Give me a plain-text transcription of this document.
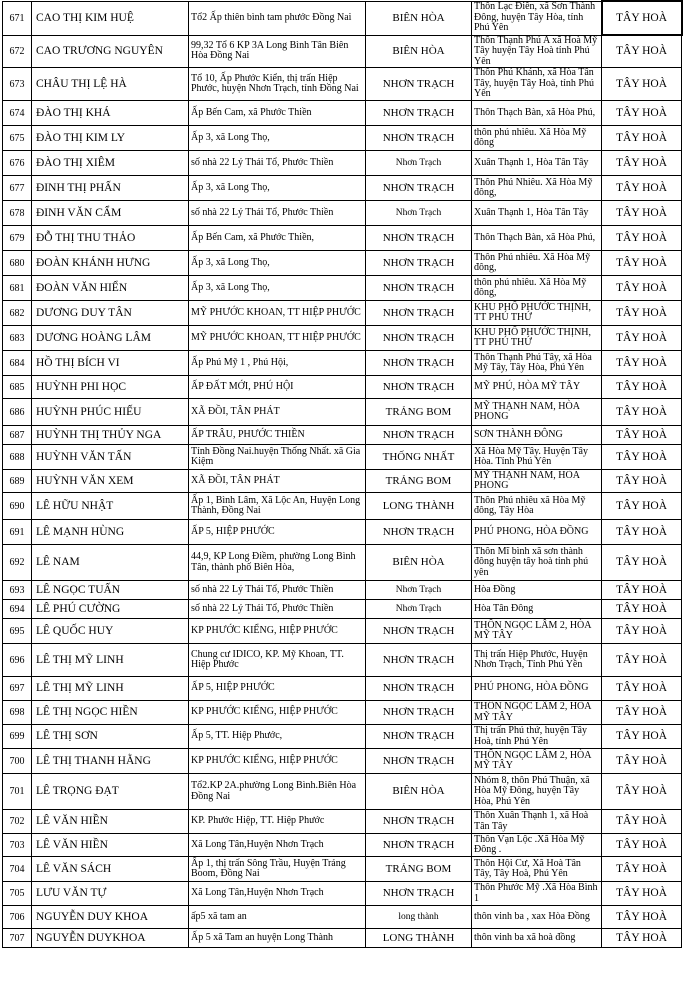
671	CAO THỊ KIM HUỆ	Tổ2 Ấp thiên bình tam phước Đồng Nai	BIÊN HÒA	Thôn Lạc Điền, xã Sơn Thành Đông, huyện Tây Hòa, tỉnh Phú Yên	TÂY HOÀ
672	CAO TRƯƠNG NGUYÊN	99,32 Tổ 6 KP 3A Long Bình Tân Biên Hòa Đồng Nai	BIÊN HÒA	Thôn Thạnh Phú A xã Hoà Mỹ Tây huyện Tây Hoà tỉnh Phú Yên	TÂY HOÀ
673	CHÂU THỊ LỆ HÀ	Tổ 10, Ấp Phước Kiển, thị trấn Hiệp Phước, huyện Nhơn Trạch, tỉnh Đồng Nai	NHƠN TRẠCH	Thôn Phú Khánh, xã Hòa Tân Tây, huyện Tây Hoà, tỉnh Phú Yên	TÂY HOÀ
674	ĐÀO THỊ KHÁ	Ấp Bến Cam, xã Phước Thiền	NHƠN TRẠCH	Thôn Thạch Bàn, xã Hòa Phú,	TÂY HOÀ
675	ĐÀO THỊ KIM LY	Ấp 3, xã Long Thọ,	NHƠN TRẠCH	thôn phú nhiêu. Xã Hòa Mỹ đông	TÂY HOÀ
676	ĐÀO THỊ XIÊM	số nhà 22 Lý Thái Tổ, Phước Thiền	Nhơn Trạch	Xuân Thạnh 1, Hòa Tân Tây	TÂY HOÀ
677	ĐINH THỊ PHẤN	Ấp 3, xã Long Thọ,	NHƠN TRẠCH	Thôn Phú Nhiêu. Xã Hòa Mỹ đông,	TÂY HOÀ
678	ĐINH VĂN CẨM	số nhà 22 Lý Thái Tổ, Phước Thiền	Nhơn Trạch	Xuân Thạnh 1, Hòa Tân Tây	TÂY HOÀ
679	ĐỖ THỊ THU THẢO	Ấp Bến Cam, xã Phước Thiền,	NHƠN TRẠCH	Thôn Thạch Bàn, xã Hòa Phú,	TÂY HOÀ
680	ĐOÀN KHÁNH HƯNG	Ấp 3, xã Long Thọ,	NHƠN TRẠCH	Thôn Phú nhiêu. Xã Hòa Mỹ đông,	TÂY HOÀ
681	ĐOÀN VĂN HIỂN	Ấp 3, xã Long Thọ,	NHƠN TRẠCH	thôn phú nhiêu. Xã Hòa Mỹ đông,	TÂY HOÀ
682	DƯƠNG DUY TÂN	MỸ PHƯỚC KHOAN, TT HIỆP PHƯỚC	NHƠN TRẠCH	KHU PHỐ PHƯỚC THỊNH, TT PHÚ THỨ	TÂY HOÀ
683	DƯƠNG HOÀNG LÂM	MỸ PHƯỚC KHOAN, TT HIỆP PHƯỚC	NHƠN TRẠCH	KHU PHỐ PHƯỚC THỊNH, TT PHÚ THỨ	TÂY HOÀ
684	HỒ THỊ BÍCH VI	Ấp Phú Mỹ 1 , Phú Hội,	NHƠN TRẠCH	Thôn Thạnh Phú Tây, xã Hòa Mỹ Tây, Tây Hòa, Phú Yên	TÂY HOÀ
685	HUỲNH PHI HỌC	ẤP ĐẤT MỚI, PHÚ HỘI	NHƠN TRẠCH	MỸ PHÚ, HÒA MỸ TÂY	TÂY HOÀ
686	HUỲNH PHÚC HIẾU	XÃ ĐỒI, TÂN PHÁT	TRẢNG BOM	MỸ THẠNH NAM, HÒA PHONG	TÂY HOÀ
687	HUỲNH THỊ THỦY NGA	ẤP TRÂU, PHƯỚC THIỀN	NHƠN TRẠCH	SƠN THÀNH ĐÔNG	TÂY HOÀ
688	HUỲNH VĂN TẤN	Tỉnh Đồng Nai.huyện Thống Nhất. xã Gia Kiệm	THỐNG NHẤT	Xã Hòa Mỹ Tây. Huyện Tây Hòa. Tỉnh Phú Yên	TÂY HOÀ
689	HUỲNH VĂN XEM	XÃ ĐỒI, TÂN PHÁT	TRẢNG BOM	MỸ THẠNH NAM, HÒA PHONG	TÂY HOÀ
690	LÊ HỮU NHẬT	Ấp 1, Bình Lâm, Xã Lộc An, Huyện Long Thành, Đồng Nai	LONG THÀNH	Thôn Phú nhiêu xã Hòa Mỹ đông, Tây Hòa	TÂY HOÀ
691	LÊ MẠNH HÙNG	ẤP 5, HIỆP PHƯỚC	NHƠN TRẠCH	PHÚ PHONG, HÒA ĐỒNG	TÂY HOÀ
692	LÊ NAM	44,9, KP Long Điềm, phường Long Bình Tân, thành phố Biên Hòa,	BIÊN HÒA	Thôn Mĩ bình xã sơn thành đông huyện tây hoà tỉnh phú yên	TÂY HOÀ
693	LÊ NGỌC TUẤN	số nhà 22 Lý Thái Tổ, Phước Thiền	Nhơn Trạch	Hòa Đồng	TÂY HOÀ
694	LÊ PHÚ CƯỜNG	số nhà 22 Lý Thái Tổ, Phước Thiền	Nhơn Trạch	Hòa Tân Đông	TÂY HOÀ
695	LÊ QUỐC HUY	KP PHƯỚC KIỂNG, HIỆP PHƯỚC	NHƠN TRẠCH	THÔN NGỌC LÂM 2, HÒA MỸ TÂY	TÂY HOÀ
696	LÊ THỊ MỸ LINH	Chung cư IDICO, KP. Mỹ Khoan, TT. Hiệp Phước	NHƠN TRẠCH	Thị trấn Hiệp Phước, Huyện Nhơn Trạch, Tỉnh Phú Yên	TÂY HOÀ
697	LÊ THỊ MỸ LINH	ẤP 5, HIỆP PHƯỚC	NHƠN TRẠCH	PHÚ PHONG, HÒA ĐỒNG	TÂY HOÀ
698	LÊ THỊ NGỌC HIỀN	KP PHƯỚC KIỂNG, HIỆP PHƯỚC	NHƠN TRẠCH	THÔN NGỌC LÂM 2, HÒA MỸ TÂY	TÂY HOÀ
699	LÊ THỊ SƠN	Ấp 5, TT. Hiệp Phước,	NHƠN TRẠCH	Thị trấn Phú thứ, huyện Tây Hoà, tỉnh Phú Yên	TÂY HOÀ
700	LÊ THỊ THANH HẰNG	KP PHƯỚC KIỂNG, HIỆP PHƯỚC	NHƠN TRẠCH	THÔN NGỌC LÂM 2, HÒA MỸ TÂY	TÂY HOÀ
701	LÊ TRỌNG ĐẠT	Tổ2.KP 2A.phường Long Bình.Biên Hòa Đồng Nai	BIÊN HÒA	Nhóm 8, thôn Phú Thuận, xã Hòa Mỹ Đông, huyện Tây Hòa, Phú Yên	TÂY HOÀ
702	LÊ VĂN HIỀN	KP. Phước Hiệp, TT. Hiệp Phước	NHƠN TRẠCH	Thôn Xuân Thạnh 1, xã Hoà Tân Tây	TÂY HOÀ
703	LÊ VĂN HIỀN	Xã Long Tân,Huyện Nhơn Trạch	NHƠN TRẠCH	Thôn Vạn Lộc .Xã Hòa Mỹ Đông .	TÂY HOÀ
704	LÊ VĂN SÁCH	Ấp 1, thị trấn Sông Trầu, Huyện Trảng Boom, Đồng Nai	TRẢNG BOM	Thôn Hội Cư, Xã Hoà Tân Tây, Tây Hoà, Phú Yên	TÂY HOÀ
705	LƯU VĂN TỰ	Xã Long Tân,Huyện Nhơn Trạch	NHƠN TRẠCH	Thôn Phước Mỹ .Xã Hòa Bình 1	TÂY HOÀ
706	NGUYỄN DUY KHOA	ấp5 xã tam an	long thành	thôn vinh ba , xax Hòa Đồng	TÂY HOÀ
707	NGUYỄN DUYKHOA	Ấp 5 xã Tam an huyện Long Thành	LONG THÀNH	thôn vinh ba xã hoà đồng	TÂY HOÀ
